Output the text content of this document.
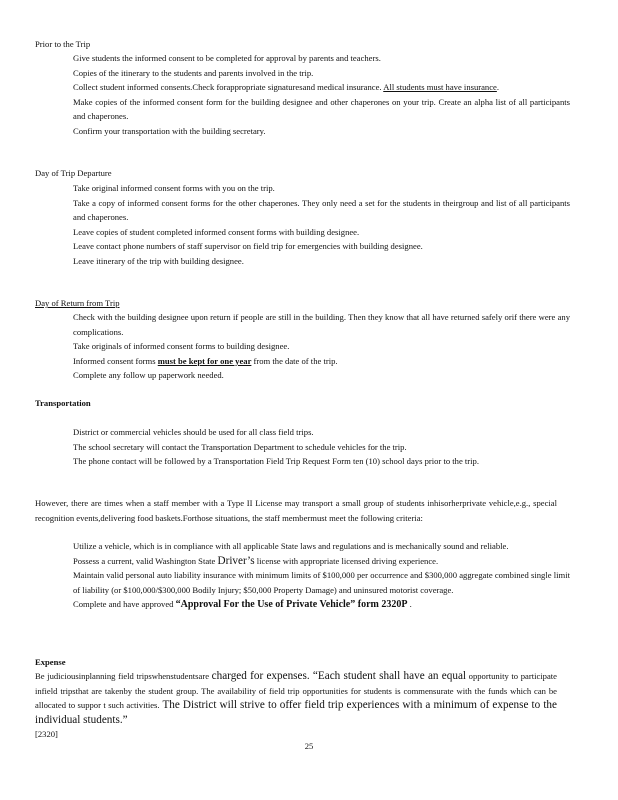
Prior to the Trip
Give students the informed consent to be completed for approval by parents and teachers.
Copies of the itinerary to the students and parents involved in the trip.
Collect student informed consents.Check forappropriate signaturesand medical insurance. All students must have insurance.
Make copies of the informed consent form for the building designee and other chaperones on your trip. Create an alpha list of all participants and chaperones.
Confirm your transportation with the building secretary.
Day of Trip Departure
Take original informed consent forms with you on the trip.
Take a copy of informed consent forms for the other chaperones. They only need a set for the students in theirgroup and list of all participants and chaperones.
Leave copies of student completed informed consent forms with building designee.
Leave contact phone numbers of staff supervisor on field trip for emergencies with building designee.
Leave itinerary of the trip with building designee.
Day of Return from Trip
Check with the building designee upon return if people are still in the building. Then they know that all have returned safely orif there were any complications.
Take originals of informed consent forms to building designee.
Informed consent forms must be kept for one year from the date of the trip.
Complete any follow up paperwork needed.
Transportation
District or commercial vehicles should be used for all class field trips.
The school secretary will contact the Transportation Department to schedule vehicles for the trip.
The phone contact will be followed by a Transportation Field Trip Request Form ten (10) school days prior to the trip.
However, there are times when a staff member with a Type II License may transport a small group of students inhisorherprivate vehicle,e.g., special recognition events,delivering food baskets.Forthose situations, the staff membermust meet the following criteria:
Utilize a vehicle, which is in compliance with all applicable State laws and regulations and is mechanically sound and reliable.
Possess a current, valid Washington State Driver’s license with appropriate licensed driving experience.
Maintain valid personal auto liability insurance with minimum limits of $100,000 per occurrence and $300,000 aggregate combined single limit of liability (or $100,000/$300,000 Bodily Injury; $50,000 Property Damage) and uninsured motorist coverage.
Complete and have approved “Approval For the Use of Private Vehicle” form 2320P .
Expense
Be judiciousinplanning field tripswhenstudentsare charged for expenses. “Each student shall have an equal opportunity to participate infield tripsthat are takenby the student group. The availability of field trip opportunities for students is commensurate with the funds which can be allocated to suppor t such activities. The District will strive to offer field trip experiences with a minimum of expense to the individual students.”
[2320]
25
